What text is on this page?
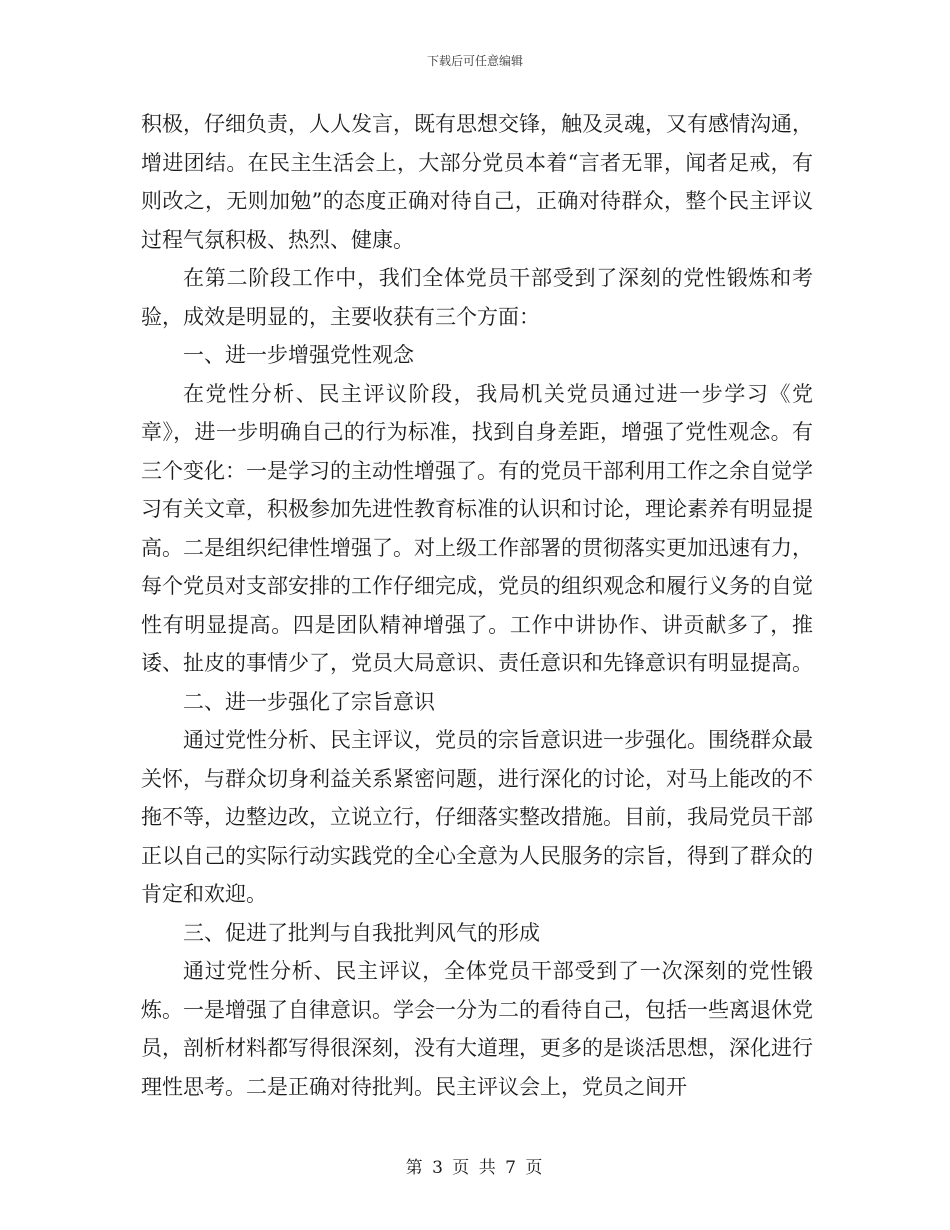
下载后可任意编辑

积极，仔细负责，人人发言，既有思想交锋，触及灵魂，又有感情沟通，增进团结。在民主生活会上，大部分党员本着“言者无罪，闻者足戒，有则改之，无则加勉”的态度正确对待自己，正确对待群众，整个民主评议过程气氛积极、热烈、健康。

在第二阶段工作中，我们全体党员干部受到了深刻的党性锻炼和考验，成效是明显的，主要收获有三个方面：

一、进一步增强党性观念

在党性分析、民主评议阶段，我局机关党员通过进一步学习《党章》，进一步明确自己的行为标准，找到自身差距，增强了党性观念。有三个变化：一是学习的主动性增强了。有的党员干部利用工作之余自觉学习有关文章，积极参加先进性教育标准的认识和讨论，理论素养有明显提高。二是组织纪律性增强了。对上级工作部署的贯彻落实更加迅速有力，每个党员对支部安排的工作仔细完成，党员的组织观念和履行义务的自觉性有明显提高。四是团队精神增强了。工作中讲协作、讲贡献多了，推诿、扯皮的事情少了，党员大局意识、责任意识和先锋意识有明显提高。

二、进一步强化了宗旨意识

通过党性分析、民主评议，党员的宗旨意识进一步强化。围绕群众最关怀，与群众切身利益关系紧密问题，进行深化的讨论，对马上能改的不拖不等，边整边改，立说立行，仔细落实整改措施。目前，我局党员干部正以自己的实际行动实践党的全心全意为人民服务的宗旨，得到了群众的肯定和欢迎。

三、促进了批判与自我批判风气的形成

通过党性分析、民主评议，全体党员干部受到了一次深刻的党性锻炼。一是增强了自律意识。学会一分为二的看待自己，包括一些离退休党员，剖析材料都写得很深刻，没有大道理，更多的是谈活思想，深化进行理性思考。二是正确对待批判。民主评议会上，党员之间开

第 3 页 共 7 页
